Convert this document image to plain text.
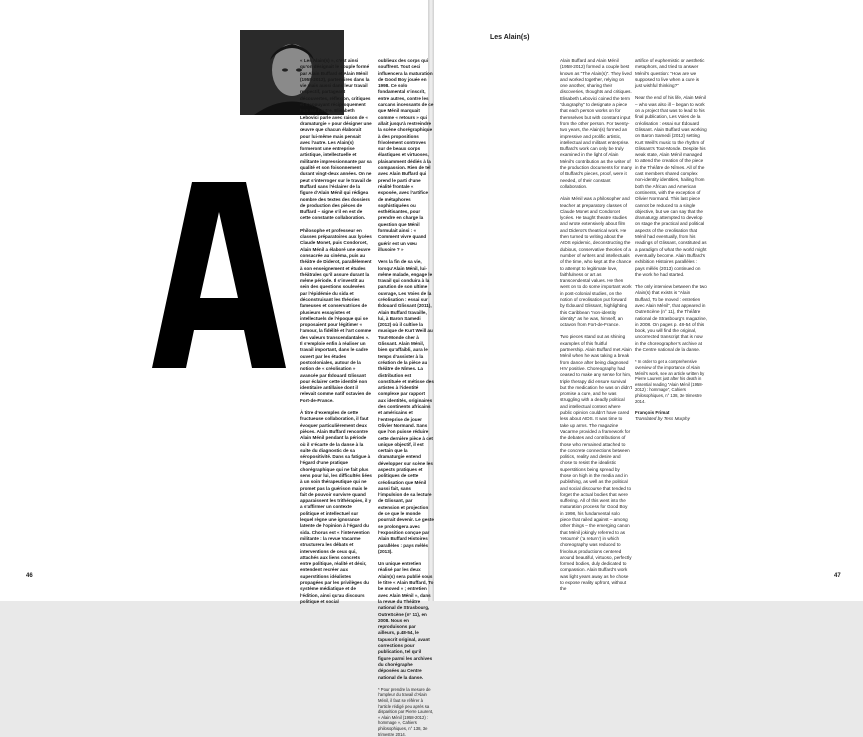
Les Alain(s)

« Les Alain(s) », c’est ainsi qu’on désignait le couple formé par Alain Buffard et Alain Ménil (1958-2012), partenaires dans la vie mais aussi dans leur travail respectif, partageant découvertes, réflexion, critiques et s’appuyant réciproquement l’un sur l’autre. Elisabeth Lebovici parle avec raison de « dramaturgie » pour désigner une œuvre que chacun élaborait pour lui-même mais pensait avec l’autre. Les Alain(s) formeront une entreprise artistique, intellectuelle et militante impressionnante par sa qualité et son foisonnement durant vingt-deux années. On ne peut s’interroger sur le travail de Buffard sans l’éclairer de la figure d’Alain Ménil qui rédigea nombre des textes des dossiers de production des pièces de Buffard – signe s’il en est de cette constante collaboration.

Philosophe et professeur en classes préparatoires aux lycées Claude Monet, puis Condorcet, Alain Ménil a élaboré une œuvre consacrée au cinéma, puis au théâtre de Diderot, parallèlement à son enseignement et études théâtrales qu’il assure durant la même période. Il s’investit au sein des questions soulevées par l’épidémie du sida et déconstruisant les théories fameuses et conservatrices de plusieurs essayistes et intellectuels de l’époque qui se proposaient pour légitimer « l’amour, la fidélité et l’art comme des valeurs transcendantales ». Il s’emploie enfin à réaliser un travail important, dans le cadre ouvert par les études postcoloniales, autour de la notion de « créolisation » avancée par Édouard Glissant pour éclairer cette identité non identitaire antillaise dont il relevait comme natif octavien de Fort-de-France.

À titre d’exemples de cette fructueuse collaboration, il faut évoquer particulièrement deux pièces. Alain Buffard rencontre Alain Ménil pendant la période où il s’écarte de la danse à la suite du diagnostic de sa séropositivité. Dans sa fatigue à l’égard d’une pratique chorégraphique qui ne fait plus sens pour lui, les difficultés liées à un soin thérapeutique qui ne promet pas la guérison mais le fait de pouvoir survivre quand apparaissent les trithérapies, il y a s’affirmer un contexte politique et intellectuel sur lequel règne une ignorance latente de l’opinion à l’égard du sida. Chorus est « l’intervention militante : la revue Vacarme structurera les débats et interventions de ceux qui, attachés aux liens concrets entre politique, réalité et désir, entendent recréer aux superstitions idéalistes propagées par les privilèges du système médiatique et de l’édition, ainsi qu’au discours politique et social

oublieux des corps qui souffrent. Tout ceci influencera la maturation de Good Boy jouée en 1998. Ce solo fondamental s’inscrit, entre autres, contre les carcans incessants de ce que Ménil marquait comme « retours » qui allait jusqu’à restreindre la scène chorégraphique à des propositions frivolement controves sur de beaux corps élastiques et virtuoses, plaisamment dédiés à la compassion. Rien de tel avec Alain Buffard qui prend le parti d’une réalité frontale « exposée, avec l’artifice de métaphores sophistiquées ou esthétisantes, pour prendre en charge la question que Ménil formulait ainsi : « Comment vivre quand guérir est un vœu illusoire ? »

Vers la fin de sa vie, lorsqu’Alain Ménil, lui-même malade, engage le travail qui conduira à la parution de son ultime ouvrage, Les Voies de la créolisation : essai sur Édouard Glissant (2011), Alain Buffard travaille, lui, à Baron Samedi (2012) où il cultive la musique de Kurt Weill au Tout-Monde cher à Glissant. Alain Ménil, bien qu’affaibli, aura le temps d’assister à la création de la pièce au théâtre de Nîmes. La distribution est constituée et métisse des artistes à l’identité complexe par rapport aux identités, originaires des continents africains et américains et l’entreprise de jouer Olivier Normand. Sans que l’on puisse réduire cette dernière pièce à cet unique objectif, il est certain que la dramaturgie entend développer sur scène les aspects pratiques et politiques de cette créolisation que Ménil aussi fait, sans l’impulsion de sa lecture de Glissant, par extension et projection de ce que le monde pourrait devenir. Le geste se prolongera avec l’exposition conçue par Alain Buffard Histoires parallèles : pays mêlés (2013).

Un unique entretien réalisé par les deux Alain(s) sera publié sous le titre « Alain Buffard, To be moved » ; entretien avec Alain Ménil », dans la revue du Théâtre national de Strasbourg, OutreScène (n° 11), en 2008. Nous en reproduisons par ailleurs, p.48-54, le tapuscrit original, avant corrections pour publication, tel qu’il figure parmi les archives du chorégraphe déposées au Centre national de la danse.

* Pour prendre la mesure de l’ampleur du travail d’Alain Ménil, il faut se référer à l’article rédigé peu après sa disparition par Pierre Laurent, « Alain Ménil (1958-2012) : hommage », Cahiers philosophiques, n° 138, 3e trimestre 2014.

Alain Buffard and Alain Ménil (1958-2012) formed a couple best known as “The Alain(s)”. They lived and worked together, relying on one another, sharing their discoveries, thoughts and critiques. Elisabeth Lebovici coined the term “duography” to designate a piece that each person works on for themselves but with constant input from the other person. For twenty-two years, the Alain(s) formed an impressive and prolific artistic, intellectual and militant enterprise. Buffard’s work can only be truly examined in the light of Alain Ménil’s contribution as the writer of the production documents for many of Buffard’s pieces, proof, were it needed, of their constant collaboration.

Alain Ménil was a philosopher and teacher at preparatory classes of Claude Monet and Condorcet lycées. He taught theatre studies and wrote extensively about film and Diderot’s theatrical work. He then turned to writing about the AIDS epidemic, deconstructing the dubious, conservative theories of a number of writers and intellectuals of the time, who kept at the chance to attempt to legitimate love, faithfulness or art as transcendental values. He then went on to do some important work in post-colonial studies, on the notion of creolisation put forward by Édouard Glissant, highlighting this Caribbean “non-identity identity” as he was, himself, an octavon from Fort-de-France.

Two pieces stand out as shining examples of this fruitful partnership. Alain Buffard met Alain Ménil when he was taking a break from dance after being diagnosed HIV positive. Choreography had ceased to make any sense for him, triple therapy did ensure survival but the medication he was on didn’t promise a cure, and he was struggling with a deadly political and intellectual context where public opinion couldn’t have cared less about AIDS. It was time to take up arms. The magazine Vacarme provided a framework for the debates and contributions of those who remained attached to the concrete connections between politics, reality and desire and chose to resist the idealistic superstitions being spread by those on high in the media and in publishing, as well as the political and social discourse that tended to forget the actual bodies that were suffering. All of this went into the maturation process for Good Boy in 1998, his fundamental solo piece that railed against – among other things – the emerging canon that Ménil jokingly referred to as ‘retourné’ (‘a return’) in which choreography was reduced to frivolous productions centered around beautiful, virtuoso, perfectly formed bodies, duly dedicated to compassion. Alain Buffard’s work was light years away as he chose to expose reality upfront, without the

artifice of euphemistic or aesthetic metaphors, and tried to answer Ménil’s question: “How are we supposed to live when a cure is just wishful thinking?”

Near the end of his life, Alain Ménil – who was also ill – began to work on a project that was to lead to his final publication, Les Voies de la créolisation : essai sur Édouard Glissant. Alain Buffard was working on Baron Samedi (2012) setting Kurt Weill’s music to the rhythm of Glissant’s Tout-Monde. Despite his weak state, Alain Ménil managed to attend the creation of the piece in the Théâtre de Nîmes. All of the cast members shared complex non-identity identities, hailing from both the African and American continents, with the exception of Olivier Normand. This last piece cannot be reduced to a single objective, but we can say that the dramaturgy attempted to develop on stage the practical and political aspects of the creolisation that Ménil had eventually, from his readings of Glissant, constituted as a paradigm of what the world might eventually become. Alain Buffard’s exhibition Histoires parallèles : pays mêlés (2013) continued on the work he had started.

The only interview between the two Alain(s) that exists is “Alain Buffard, To be moved : entretien avec Alain Ménil”, that appeared in OutreScène (n° 11), the Théâtre national de Strasbourg’s magazine, in 2008. On pages p. 48-54 of this book, you will find the original, uncorrected transcript that is now in the choreographer’s archive at the Centre national de la danse.

* In order to get a comprehensive overview of the importance of Alain Ménil’s work, see an article written by Pierre Laurent just after his death in essential reading “Alain Ménil (1958-2012) : hommage”, Cahiers philosophiques, n° 138, 3e trimestre 2014.

François Frimat
Translated by Tess Murphy

46	47
